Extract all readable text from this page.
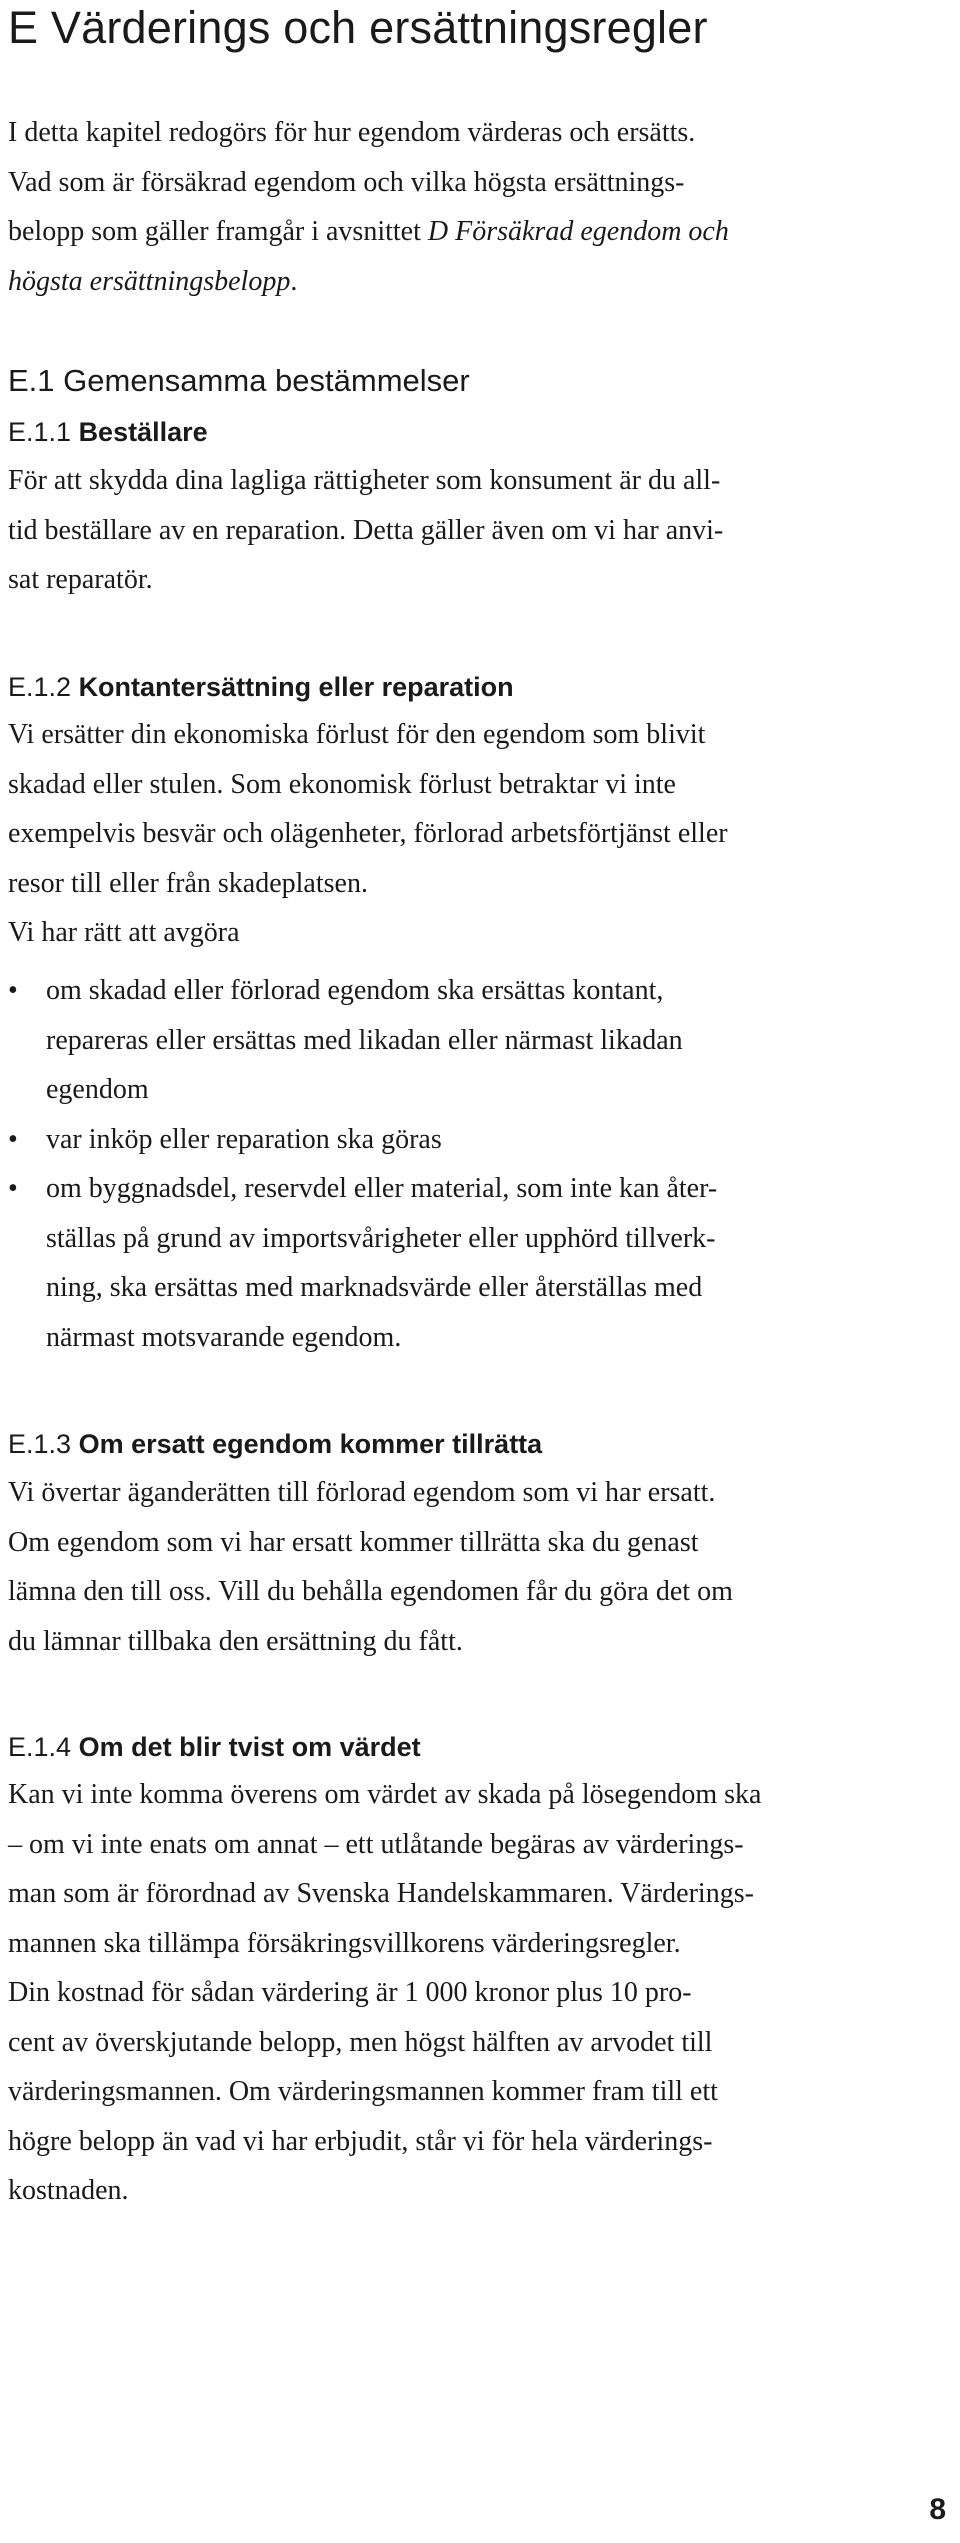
E Värderings och ersättningsregler

I detta kapitel redogörs för hur egendom värderas och ersätts.
Vad som är försäkrad egendom och vilka högsta ersättnings-
belopp som gäller framgår i avsnittet D Försäkrad egendom och
högsta ersättningsbelopp.

E.1 Gemensamma bestämmelser
E.1.1 Beställare

För att skydda dina lagliga rättigheter som konsument är du all-
tid beställare av en reparation. Detta gäller även om vi har anvi-
sat reparatör.

E.1.2 Kontantersättning eller reparation

Vi ersätter din ekonomiska förlust för den egendom som blivit
skadad eller stulen. Som ekonomisk förlust betraktar vi inte
exempelvis besvär och olägenheter, förlorad arbetsförtjänst eller
resor till eller från skadeplatsen.
Vi har rätt att avgöra

• om skadad eller förlorad egendom ska ersättas kontant,
repareras eller ersättas med likadan eller närmast likadan
egendom
• var inköp eller reparation ska göras
• om byggnadsdel, reservdel eller material, som inte kan åter-
ställas på grund av importsvårigheter eller upphörd tillverk-
ning, ska ersättas med marknadsvärde eller återställas med
närmast motsvarande egendom.
E.1.3 Om ersatt egendom kommer tillrätta

Vi övertar äganderätten till förlorad egendom som vi har ersatt.
Om egendom som vi har ersatt kommer tillrätta ska du genast
lämna den till oss. Vill du behålla egendomen får du göra det om
du lämnar tillbaka den ersättning du fått.

E.1.4 Om det blir tvist om värdet

Kan vi inte komma överens om värdet av skada på lösegendom ska
– om vi inte enats om annat – ett utlåtande begäras av värderings-
man som är förordnad av Svenska Handelskammaren. Värderings-
mannen ska tillämpa försäkringsvillkorens värderingsregler.
Din kostnad för sådan värdering är 1 000 kronor plus 10 pro-
cent av överskjutande belopp, men högst hälften av arvodet till
värderingsmannen. Om värderingsmannen kommer fram till ett
högre belopp än vad vi har erbjudit, står vi för hela värderings-
kostnaden.

8
